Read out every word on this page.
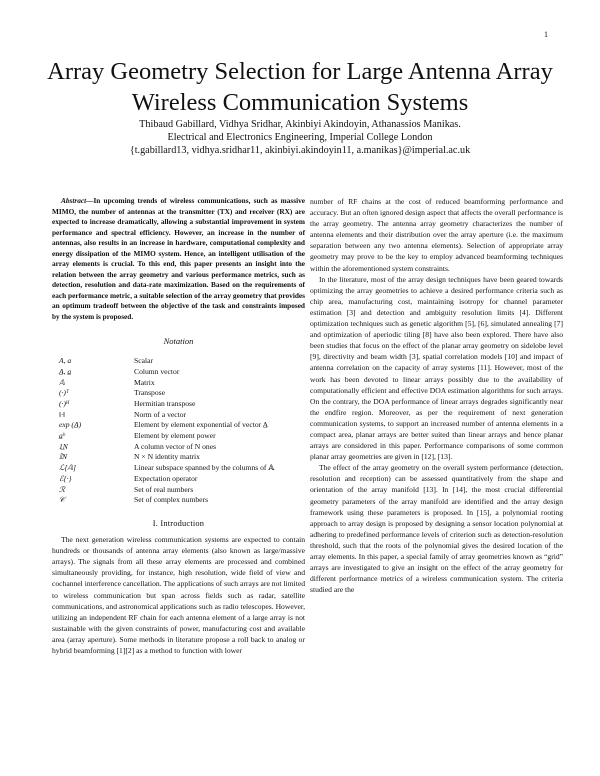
1
Array Geometry Selection for Large Antenna Array Wireless Communication Systems
Thibaud Gabillard, Vidhya Sridhar, Akinbiyi Akindoyin, Athanassios Manikas.
Electrical and Electronics Engineering, Imperial College London
{t.gabillard13, vidhya.sridhar11, akinbiyi.akindoyin11, a.manikas}@imperial.ac.uk

Abstract—In upcoming trends of wireless communications, such as massive MIMO, the number of antennas at the transmitter (TX) and receiver (RX) are expected to increase dramatically, allowing a substantial improvement in system performance and spectral efficiency. However, an increase in the number of antennas, also results in an increase in hardware, computational complexity and energy dissipation of the MIMO system. Hence, an intelligent utilisation of the array elements is crucial. To this end, this paper presents an insight into the relation between the array geometry and various performance metrics, such as detection, resolution and data-rate maximization. Based on the requirements of each performance metric, a suitable selection of the array geometry that provides an optimum tradeoff between the objective of the task and constraints imposed by the system is proposed.

Notation
A, a	Scalar
A̲, a̲	Column vector
𝔸	Matrix
(·)ᵀ	Transpose
(·)ᴴ	Hermitian transpose
‖·‖	Norm of a vector
exp (A̲)	Element by element exponential of vector A̲
a̲ᵇ	Element by element power
1̲N	A column vector of N ones
𝕀N	N × N identity matrix
ℒ[𝔸]	Linear subspace spanned by the columns of 𝔸
ℰ{·}	Expectation operator
ℛ	Set of real numbers
𝒞	Set of complex numbers
I. Introduction

The next generation wireless communication systems are expected to contain hundreds or thousands of antenna array elements (also known as large/massive arrays). The signals from all these array elements are processed and combined simultaneously providing, for instance, high resolution, wide field of view and cochannel interference cancellation. The applications of such arrays are not limited to wireless communication but span across fields such as radar, satellite communications, and astronomical applications such as radio telescopes. However, utilizing an independent RF chain for each antenna element of a large array is not sustainable with the given constraints of power, manufacturing cost and available area (array aperture). Some methods in literature propose a roll back to analog or hybrid beamforming [1][2] as a method to function with lower

number of RF chains at the cost of reduced beamforming performance and accuracy. But an often ignored design aspect that affects the overall performance is the array geometry. The antenna array geometry characterizes the number of antenna elements and their distribution over the array aperture (i.e. the maximum separation between any two antenna elements). Selection of appropriate array geometry may prove to be the key to employ advanced beamforming techniques within the aforementioned system constraints.

In the literature, most of the array design techniques have been geared towards optimizing the array geometries to achieve a desired performance criteria such as chip area, manufacturing cost, maintaining isotropy for channel parameter estimation [3] and detection and ambiguity resolution limits [4]. Different optimization techniques such as genetic algorithm [5], [6], simulated annealing [7] and optimization of aperiodic tiling [8] have also been explored. There have also been studies that focus on the effect of the planar array geometry on sidelobe level [9], directivity and beam width [3], spatial correlation models [10] and impact of antenna correlation on the capacity of array systems [11]. However, most of the work has been devoted to linear arrays possibly due to the availability of computationally efficient and effective DOA estimation algorithms for such arrays. On the contrary, the DOA performance of linear arrays degrades significantly near the endfire region. Moreover, as per the requirement of next generation communication systems, to support an increased number of antenna elements in a compact area, planar arrays are better suited than linear arrays and hence planar arrays are considered in this paper. Performance comparisons of some common planar array geometries are given in [12], [13].

The effect of the array geometry on the overall system performance (detection, resolution and reception) can be assessed quantitatively from the shape and orientation of the array manifold [13]. In [14], the most crucial differential geometry parameters of the array manifold are identified and the array design framework using these parameters is proposed. In [15], a polynomial rooting approach to array design is proposed by designing a sensor location polynomial at adhering to predefined performance levels of criterion such as detection-resolution threshold, such that the roots of the polynomial gives the desired location of the array elements. In this paper, a special family of array geometries known as “grid” arrays are investigated to give an insight on the effect of the array geometry for different performance metrics of a wireless communication system. The criteria studied are the
